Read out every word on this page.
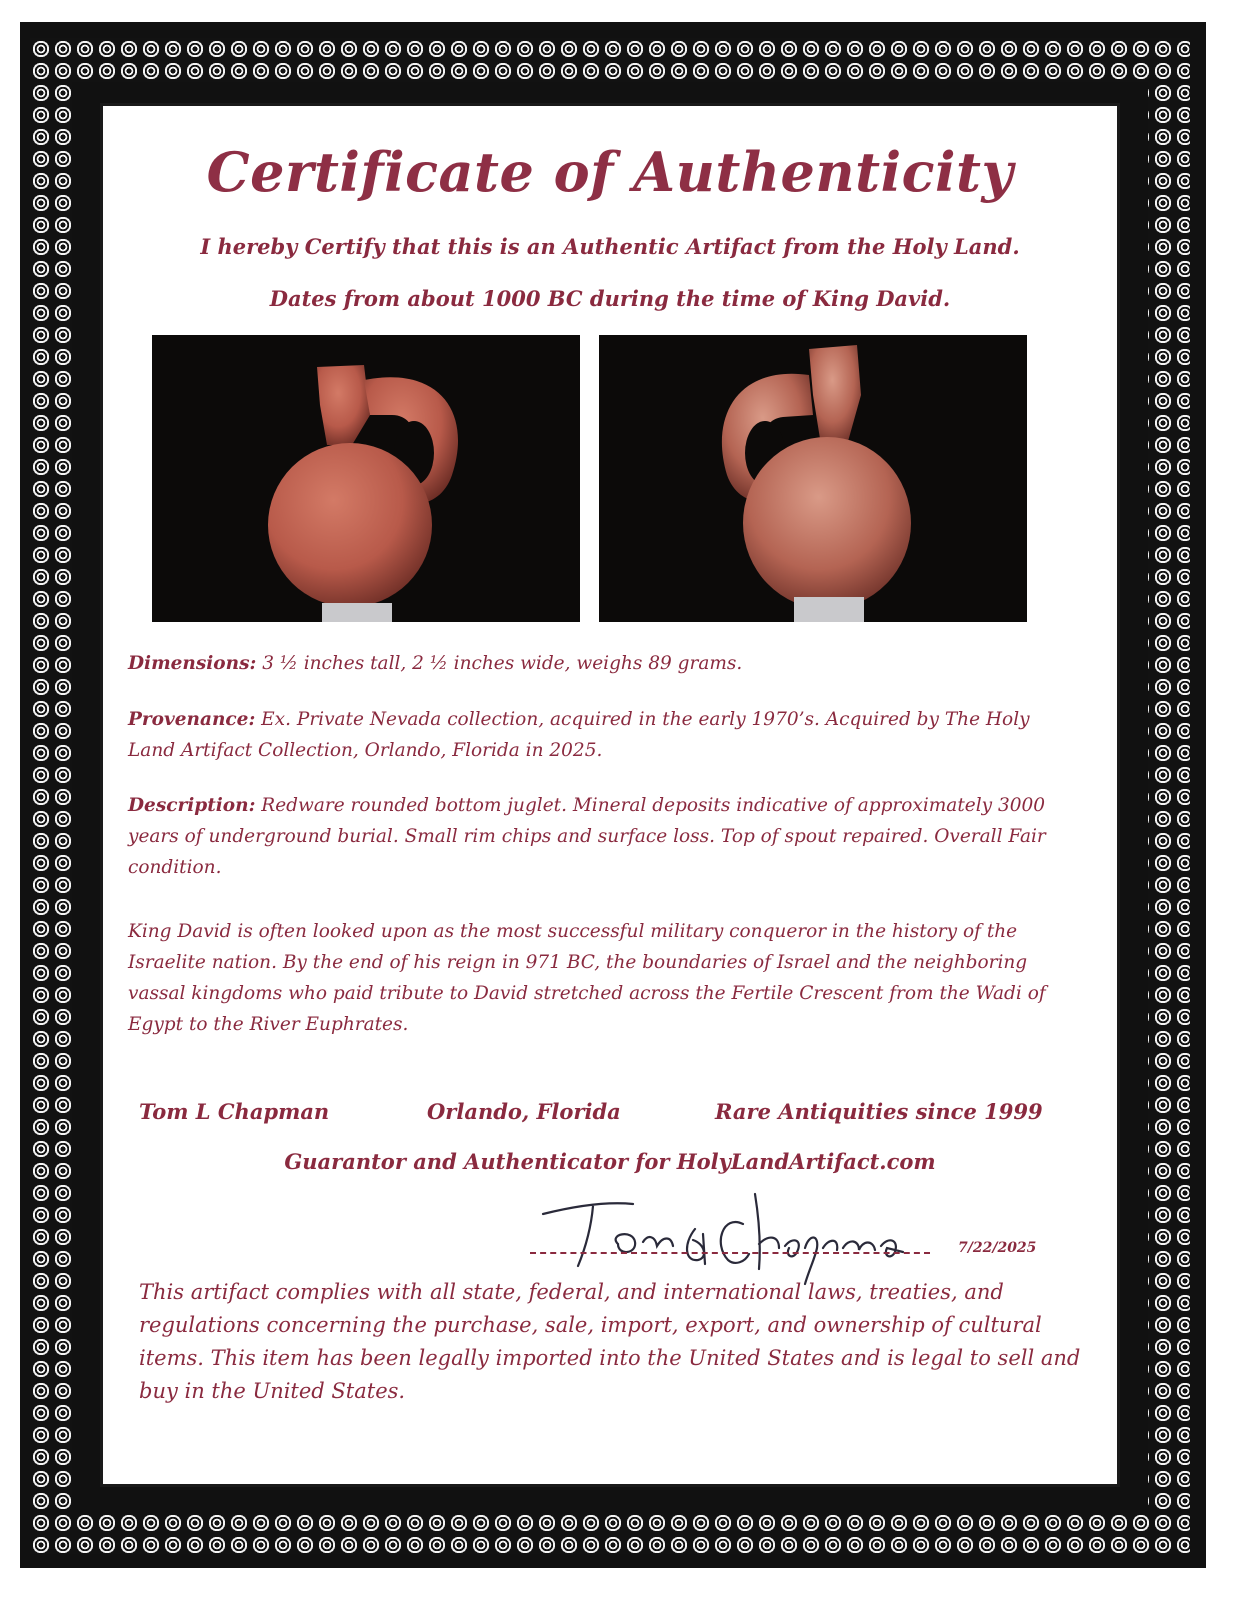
Certificate of Authenticity
I hereby Certify that this is an Authentic Artifact from the Holy Land.
Dates from about 1000 BC during the time of King David.
Dimensions: 3 ½ inches tall, 2 ½ inches wide, weighs 89 grams.
Provenance: Ex. Private Nevada collection, acquired in the early 1970’s. Acquired by The Holy Land Artifact Collection, Orlando, Florida in 2025.
Description: Redware rounded bottom juglet. Mineral deposits indicative of approximately 3000 years of underground burial. Small rim chips and surface loss. Top of spout repaired. Overall Fair condition.
King David is often looked upon as the most successful military conqueror in the history of the Israelite nation. By the end of his reign in 971 BC, the boundaries of Israel and the neighboring vassal kingdoms who paid tribute to David stretched across the Fertile Crescent from the Wadi of Egypt to the River Euphrates.
Tom L Chapman	Orlando, Florida	Rare Antiquities since 1999
Guarantor and Authenticator for HolyLandArtifact.com
7/22/2025
This artifact complies with all state, federal, and international laws, treaties, and regulations concerning the purchase, sale, import, export, and ownership of cultural items. This item has been legally imported into the United States and is legal to sell and buy in the United States.
